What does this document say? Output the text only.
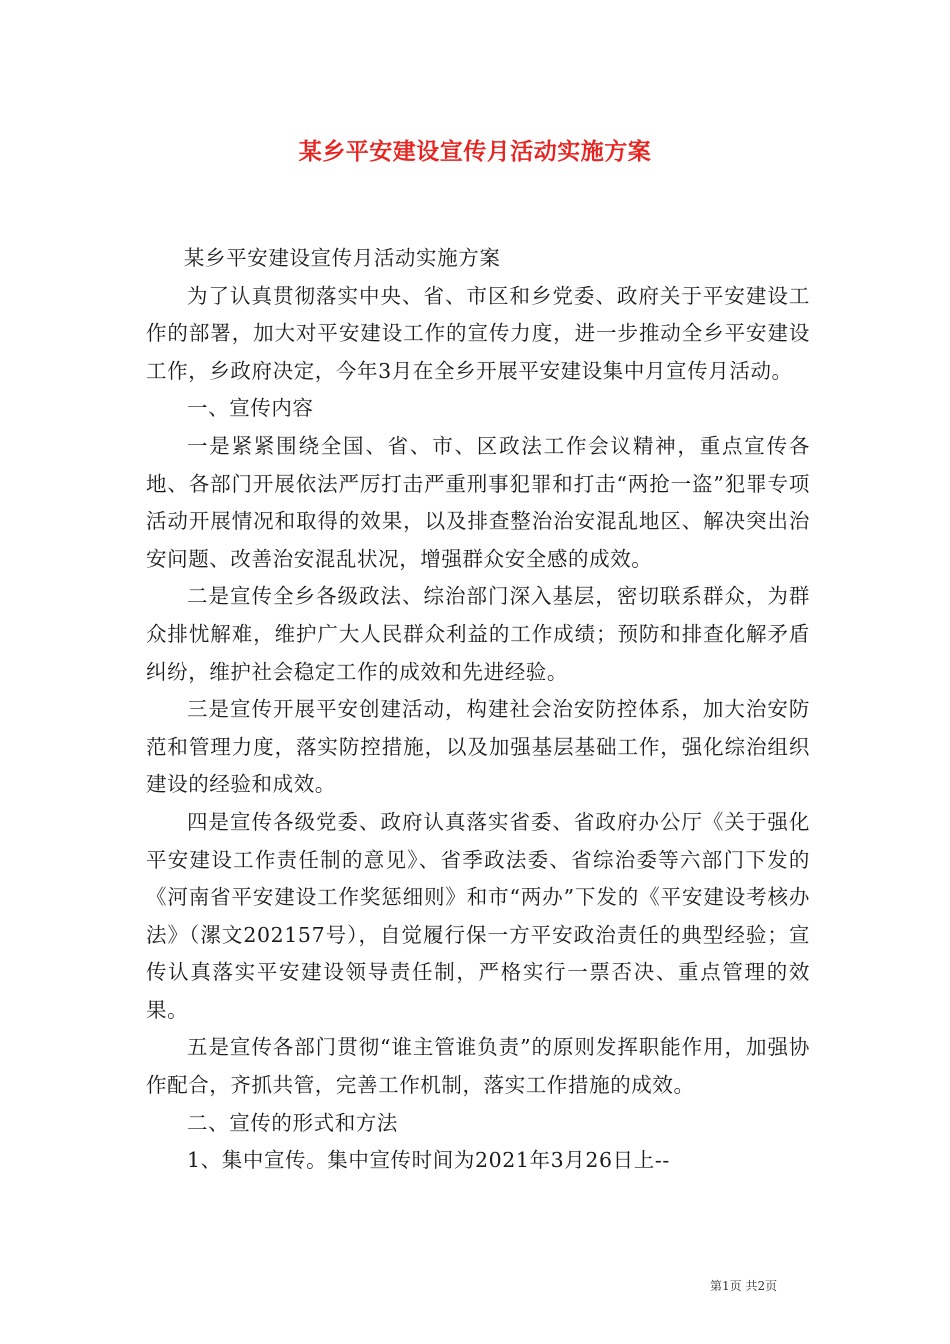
某乡平安建设宣传月活动实施方案

某乡平安建设宣传月活动实施方案

为了认真贯彻落实中央、省、市区和乡党委、政府关于平安建设工作的部署，加大对平安建设工作的宣传力度，进一步推动全乡平安建设工作，乡政府决定，今年3月在全乡开展平安建设集中月宣传月活动。

一、宣传内容

一是紧紧围绕全国、省、市、区政法工作会议精神，重点宣传各地、各部门开展依法严厉打击严重刑事犯罪和打击“两抢一盗”犯罪专项活动开展情况和取得的效果，以及排查整治治安混乱地区、解决突出治安问题、改善治安混乱状况，增强群众安全感的成效。

二是宣传全乡各级政法、综治部门深入基层，密切联系群众，为群众排忧解难，维护广大人民群众利益的工作成绩；预防和排查化解矛盾纠纷，维护社会稳定工作的成效和先进经验。

三是宣传开展平安创建活动，构建社会治安防控体系，加大治安防范和管理力度，落实防控措施，以及加强基层基础工作，强化综治组织建设的经验和成效。

四是宣传各级党委、政府认真落实省委、省政府办公厅《关于强化平安建设工作责任制的意见》、省季政法委、省综治委等六部门下发的《河南省平安建设工作奖惩细则》和市“两办”下发的《平安建设考核办法》（漯文202157号），自觉履行保一方平安政治责任的典型经验；宣传认真落实平安建设领导责任制，严格实行一票否决、重点管理的效果。

五是宣传各部门贯彻“谁主管谁负责”的原则发挥职能作用，加强协作配合，齐抓共管，完善工作机制，落实工作措施的成效。

二、宣传的形式和方法

1、集中宣传。集中宣传时间为2021年3月26日上--

第1页 共2页
